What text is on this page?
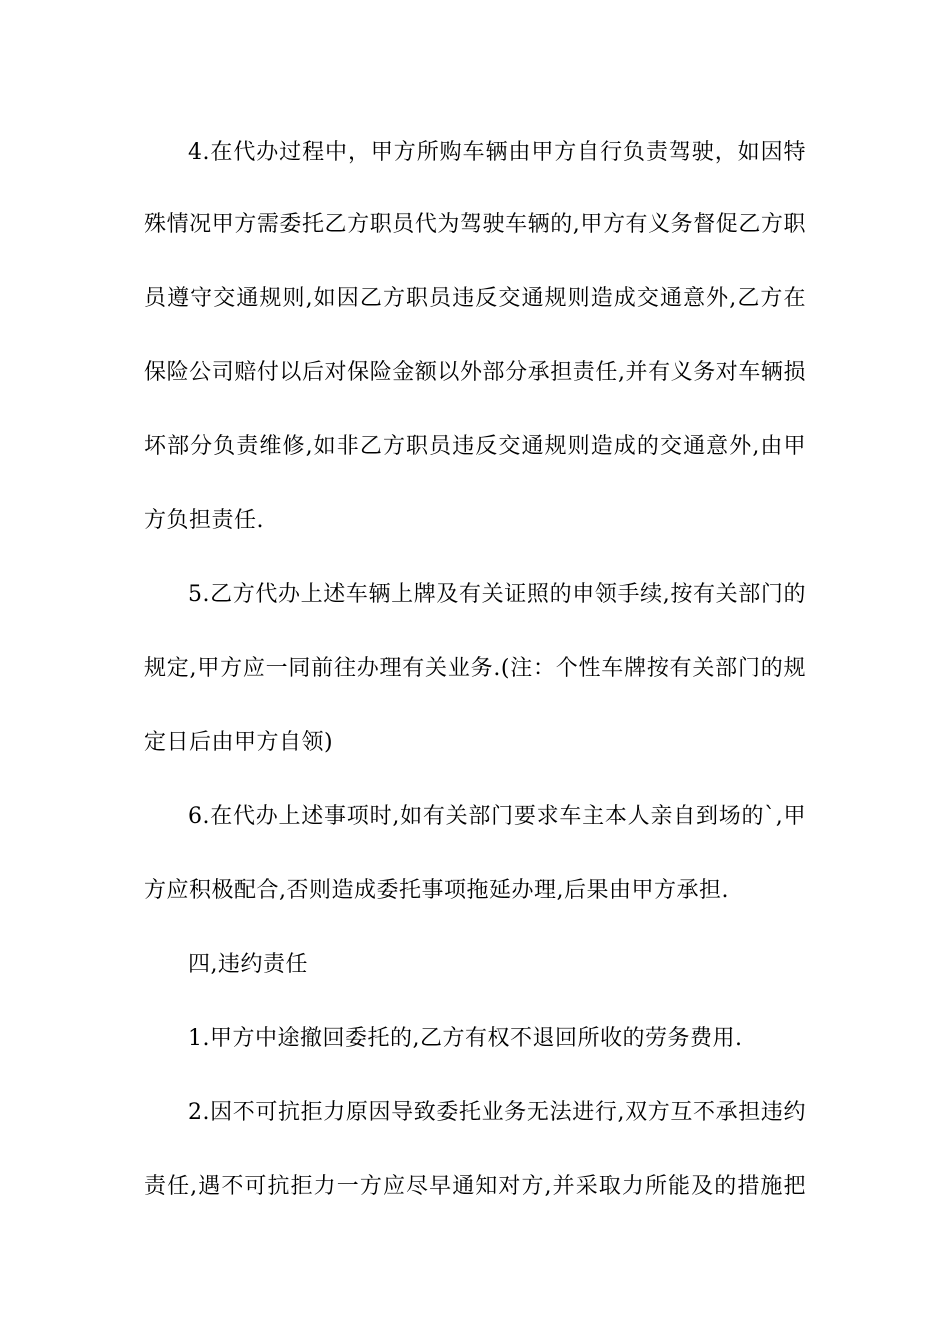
4.在代办过程中，甲方所购车辆由甲方自行负责驾驶，如因特
殊情况甲方需委托乙方职员代为驾驶车辆的,甲方有义务督促乙方职
员遵守交通规则,如因乙方职员违反交通规则造成交通意外,乙方在
保险公司赔付以后对保险金额以外部分承担责任,并有义务对车辆损
坏部分负责维修,如非乙方职员违反交通规则造成的交通意外,由甲
方负担责任.
5.乙方代办上述车辆上牌及有关证照的申领手续,按有关部门的
规定,甲方应一同前往办理有关业务.(注：个性车牌按有关部门的规
定日后由甲方自领)
6.在代办上述事项时,如有关部门要求车主本人亲自到场的`,甲
方应积极配合,否则造成委托事项拖延办理,后果由甲方承担.
四,违约责任
1.甲方中途撤回委托的,乙方有权不退回所收的劳务费用.
2.因不可抗拒力原因导致委托业务无法进行,双方互不承担违约
责任,遇不可抗拒力一方应尽早通知对方,并采取力所能及的措施把
